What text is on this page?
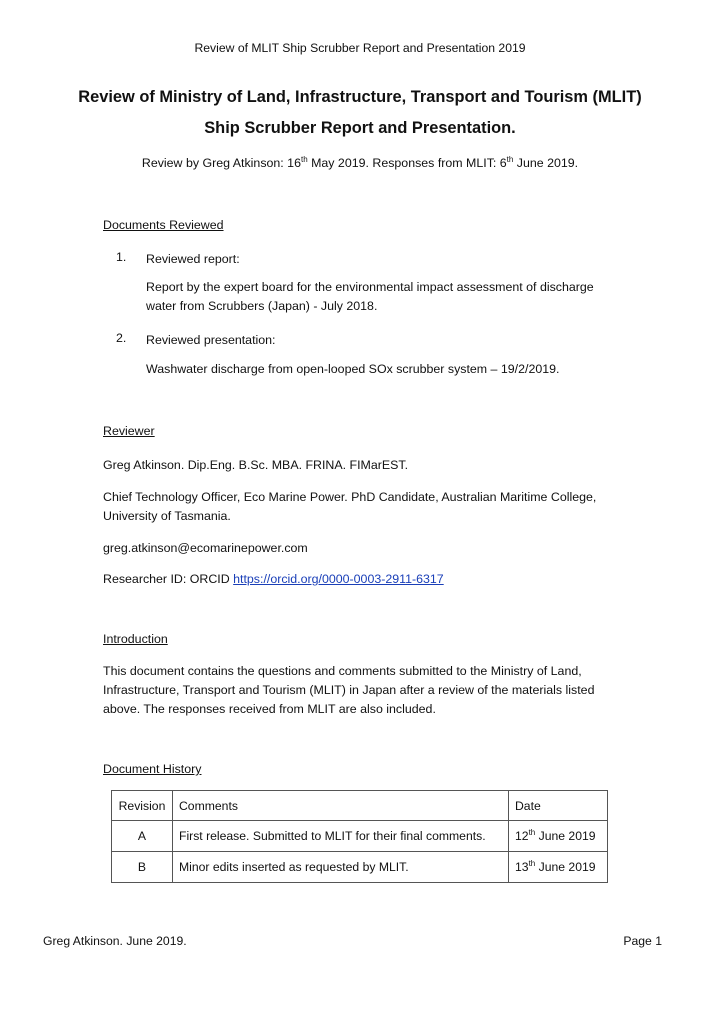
Review of MLIT Ship Scrubber Report and Presentation 2019
Review of Ministry of Land, Infrastructure, Transport and Tourism (MLIT)
Ship Scrubber Report and Presentation.
Review by Greg Atkinson: 16th May 2019. Responses from MLIT: 6th June 2019.
Documents Reviewed
1. Reviewed report:
Report by the expert board for the environmental impact assessment of discharge water from Scrubbers (Japan) - July 2018.
2. Reviewed presentation:
Washwater discharge from open-looped SOx scrubber system – 19/2/2019.
Reviewer
Greg Atkinson. Dip.Eng. B.Sc. MBA. FRINA. FIMarEST.
Chief Technology Officer, Eco Marine Power. PhD Candidate, Australian Maritime College, University of Tasmania.
greg.atkinson@ecomarinepower.com
Researcher ID: ORCID https://orcid.org/0000-0003-2911-6317
Introduction
This document contains the questions and comments submitted to the Ministry of Land, Infrastructure, Transport and Tourism (MLIT) in Japan after a review of the materials listed above. The responses received from MLIT are also included.
Document History
Revision	Comments	Date
A	First release. Submitted to MLIT for their final comments.	12th June 2019
B	Minor edits inserted as requested by MLIT.	13th June 2019
Greg Atkinson. June 2019.	Page 1
